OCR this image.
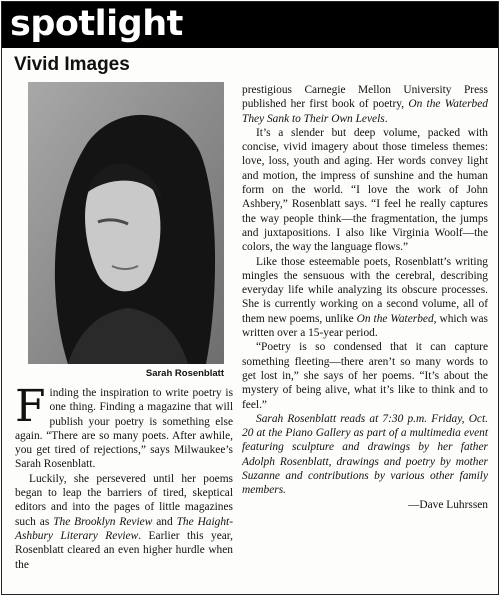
spotlight
Vivid Images
Sarah Rosenblatt

Finding the inspiration to write poetry is one thing. Finding a magazine that will publish your poetry is something else again. “There are so many poets. After awhile, you get tired of rejections,” says Milwaukee’s Sarah Rosenblatt.

Luckily, she persevered until her poems began to leap the barriers of tired, skeptical editors and into the pages of little magazines such as The Brooklyn Review and The Haight-Ashbury Literary Review. Earlier this year, Rosenblatt cleared an even higher hurdle when the

prestigious Carnegie Mellon University Press published her first book of poetry, On the Waterbed They Sank to Their Own Levels.

It’s a slender but deep volume, packed with concise, vivid imagery about those timeless themes: love, loss, youth and aging. Her words convey light and motion, the impress of sunshine and the human form on the world. “I love the work of John Ashbery,” Rosenblatt says. “I feel he really captures the way people think—the fragmentation, the jumps and juxtapositions. I also like Virginia Woolf—the colors, the way the language flows.”

Like those esteemable poets, Rosenblatt’s writing mingles the sensuous with the cerebral, describing everyday life while analyzing its obscure processes. She is currently working on a second volume, all of them new poems, unlike On the Waterbed, which was written over a 15-year period.

“Poetry is so condensed that it can capture something fleeting—there aren’t so many words to get lost in,” she says of her poems. “It’s about the mystery of being alive, what it’s like to think and to feel.”

Sarah Rosenblatt reads at 7:30 p.m. Friday, Oct. 20 at the Piano Gallery as part of a multimedia event featuring sculpture and drawings by her father Adolph Rosenblatt, drawings and poetry by mother Suzanne and contributions by various other family members.

—Dave Luhrssen
